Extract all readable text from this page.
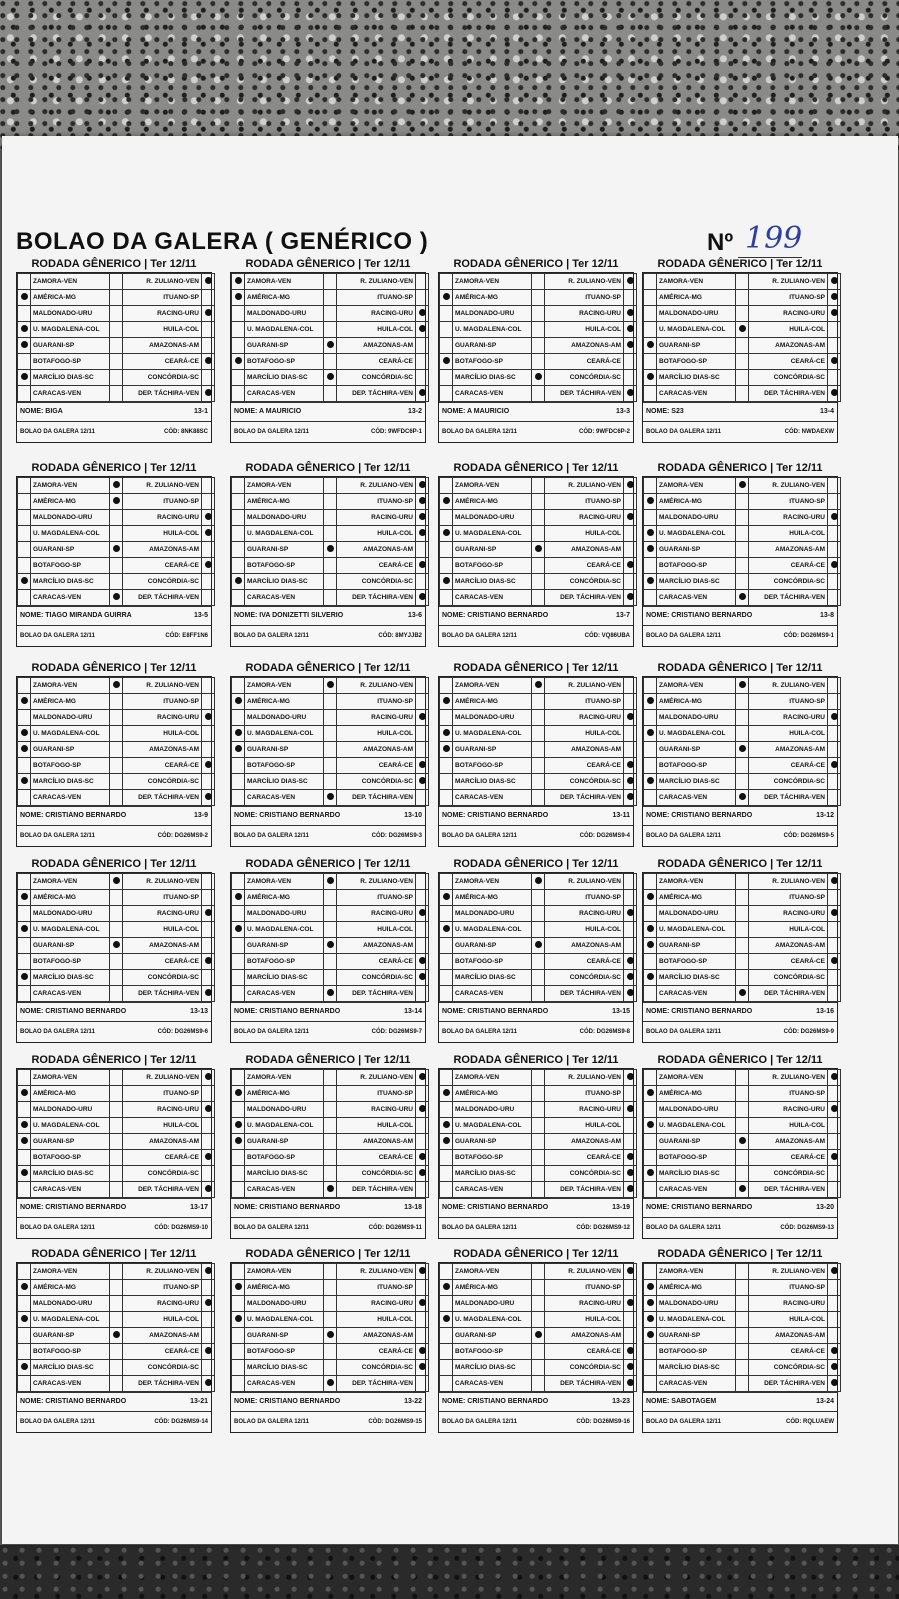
BOLAO DA GALERA ( GENÉRICO )	Nº 199
RODADA GÊNERICO | Ter 12/11
	ZAMORA-VEN		R. ZULIANO-VEN	
	AMÉRICA-MG		ITUANO-SP	
	MALDONADO-URU		RACING-URU	
	U. MAGDALENA-COL		HUILA-COL	
	GUARANI-SP		AMAZONAS-AM	
	BOTAFOGO-SP		CEARÁ-CE	
	MARCÍLIO DIAS-SC		CONCÓRDIA-SC	
	CARACAS-VEN		DEP. TÁCHIRA-VEN	
NOME: BIGA	13-1
BOLAO DA GALERA 12/11	CÓD: 8NK88SC
RODADA GÊNERICO | Ter 12/11
	ZAMORA-VEN		R. ZULIANO-VEN	
	AMÉRICA-MG		ITUANO-SP	
	MALDONADO-URU		RACING-URU	
	U. MAGDALENA-COL		HUILA-COL	
	GUARANI-SP		AMAZONAS-AM	
	BOTAFOGO-SP		CEARÁ-CE	
	MARCÍLIO DIAS-SC		CONCÓRDIA-SC	
	CARACAS-VEN		DEP. TÁCHIRA-VEN	
NOME: A MAURICIO	13-2
BOLAO DA GALERA 12/11	CÓD: 9WFDC6P-1
RODADA GÊNERICO | Ter 12/11
	ZAMORA-VEN		R. ZULIANO-VEN	
	AMÉRICA-MG		ITUANO-SP	
	MALDONADO-URU		RACING-URU	
	U. MAGDALENA-COL		HUILA-COL	
	GUARANI-SP		AMAZONAS-AM	
	BOTAFOGO-SP		CEARÁ-CE	
	MARCÍLIO DIAS-SC		CONCÓRDIA-SC	
	CARACAS-VEN		DEP. TÁCHIRA-VEN	
NOME: A MAURICIO	13-3
BOLAO DA GALERA 12/11	CÓD: 9WFDC6P-2
RODADA GÊNERICO | Ter 12/11
	ZAMORA-VEN		R. ZULIANO-VEN	
	AMÉRICA-MG		ITUANO-SP	
	MALDONADO-URU		RACING-URU	
	U. MAGDALENA-COL		HUILA-COL	
	GUARANI-SP		AMAZONAS-AM	
	BOTAFOGO-SP		CEARÁ-CE	
	MARCÍLIO DIAS-SC		CONCÓRDIA-SC	
	CARACAS-VEN		DEP. TÁCHIRA-VEN	
NOME: S23	13-4
BOLAO DA GALERA 12/11	CÓD: NWDAEXW
RODADA GÊNERICO | Ter 12/11
	ZAMORA-VEN		R. ZULIANO-VEN	
	AMÉRICA-MG		ITUANO-SP	
	MALDONADO-URU		RACING-URU	
	U. MAGDALENA-COL		HUILA-COL	
	GUARANI-SP		AMAZONAS-AM	
	BOTAFOGO-SP		CEARÁ-CE	
	MARCÍLIO DIAS-SC		CONCÓRDIA-SC	
	CARACAS-VEN		DEP. TÁCHIRA-VEN	
NOME: TIAGO MIRANDA GUIRRA	13-5
BOLAO DA GALERA 12/11	CÓD: E8FF1N6
RODADA GÊNERICO | Ter 12/11
	ZAMORA-VEN		R. ZULIANO-VEN	
	AMÉRICA-MG		ITUANO-SP	
	MALDONADO-URU		RACING-URU	
	U. MAGDALENA-COL		HUILA-COL	
	GUARANI-SP		AMAZONAS-AM	
	BOTAFOGO-SP		CEARÁ-CE	
	MARCÍLIO DIAS-SC		CONCÓRDIA-SC	
	CARACAS-VEN		DEP. TÁCHIRA-VEN	
NOME: IVA DONIZETTI SILVERIO	13-6
BOLAO DA GALERA 12/11	CÓD: 8MYJJB2
RODADA GÊNERICO | Ter 12/11
	ZAMORA-VEN		R. ZULIANO-VEN	
	AMÉRICA-MG		ITUANO-SP	
	MALDONADO-URU		RACING-URU	
	U. MAGDALENA-COL		HUILA-COL	
	GUARANI-SP		AMAZONAS-AM	
	BOTAFOGO-SP		CEARÁ-CE	
	MARCÍLIO DIAS-SC		CONCÓRDIA-SC	
	CARACAS-VEN		DEP. TÁCHIRA-VEN	
NOME: CRISTIANO BERNARDO	13-7
BOLAO DA GALERA 12/11	CÓD: VQ86UBA
RODADA GÊNERICO | Ter 12/11
	ZAMORA-VEN		R. ZULIANO-VEN	
	AMÉRICA-MG		ITUANO-SP	
	MALDONADO-URU		RACING-URU	
	U. MAGDALENA-COL		HUILA-COL	
	GUARANI-SP		AMAZONAS-AM	
	BOTAFOGO-SP		CEARÁ-CE	
	MARCÍLIO DIAS-SC		CONCÓRDIA-SC	
	CARACAS-VEN		DEP. TÁCHIRA-VEN	
NOME: CRISTIANO BERNARDO	13-8
BOLAO DA GALERA 12/11	CÓD: DG26MS9-1
RODADA GÊNERICO | Ter 12/11
	ZAMORA-VEN		R. ZULIANO-VEN	
	AMÉRICA-MG		ITUANO-SP	
	MALDONADO-URU		RACING-URU	
	U. MAGDALENA-COL		HUILA-COL	
	GUARANI-SP		AMAZONAS-AM	
	BOTAFOGO-SP		CEARÁ-CE	
	MARCÍLIO DIAS-SC		CONCÓRDIA-SC	
	CARACAS-VEN		DEP. TÁCHIRA-VEN	
NOME: CRISTIANO BERNARDO	13-9
BOLAO DA GALERA 12/11	CÓD: DG26MS9-2
RODADA GÊNERICO | Ter 12/11
	ZAMORA-VEN		R. ZULIANO-VEN	
	AMÉRICA-MG		ITUANO-SP	
	MALDONADO-URU		RACING-URU	
	U. MAGDALENA-COL		HUILA-COL	
	GUARANI-SP		AMAZONAS-AM	
	BOTAFOGO-SP		CEARÁ-CE	
	MARCÍLIO DIAS-SC		CONCÓRDIA-SC	
	CARACAS-VEN		DEP. TÁCHIRA-VEN	
NOME: CRISTIANO BERNARDO	13-10
BOLAO DA GALERA 12/11	CÓD: DG26MS9-3
RODADA GÊNERICO | Ter 12/11
	ZAMORA-VEN		R. ZULIANO-VEN	
	AMÉRICA-MG		ITUANO-SP	
	MALDONADO-URU		RACING-URU	
	U. MAGDALENA-COL		HUILA-COL	
	GUARANI-SP		AMAZONAS-AM	
	BOTAFOGO-SP		CEARÁ-CE	
	MARCÍLIO DIAS-SC		CONCÓRDIA-SC	
	CARACAS-VEN		DEP. TÁCHIRA-VEN	
NOME: CRISTIANO BERNARDO	13-11
BOLAO DA GALERA 12/11	CÓD: DG26MS9-4
RODADA GÊNERICO | Ter 12/11
	ZAMORA-VEN		R. ZULIANO-VEN	
	AMÉRICA-MG		ITUANO-SP	
	MALDONADO-URU		RACING-URU	
	U. MAGDALENA-COL		HUILA-COL	
	GUARANI-SP		AMAZONAS-AM	
	BOTAFOGO-SP		CEARÁ-CE	
	MARCÍLIO DIAS-SC		CONCÓRDIA-SC	
	CARACAS-VEN		DEP. TÁCHIRA-VEN	
NOME: CRISTIANO BERNARDO	13-12
BOLAO DA GALERA 12/11	CÓD: DG26MS9-5
RODADA GÊNERICO | Ter 12/11
	ZAMORA-VEN		R. ZULIANO-VEN	
	AMÉRICA-MG		ITUANO-SP	
	MALDONADO-URU		RACING-URU	
	U. MAGDALENA-COL		HUILA-COL	
	GUARANI-SP		AMAZONAS-AM	
	BOTAFOGO-SP		CEARÁ-CE	
	MARCÍLIO DIAS-SC		CONCÓRDIA-SC	
	CARACAS-VEN		DEP. TÁCHIRA-VEN	
NOME: CRISTIANO BERNARDO	13-13
BOLAO DA GALERA 12/11	CÓD: DG26MS9-6
RODADA GÊNERICO | Ter 12/11
	ZAMORA-VEN		R. ZULIANO-VEN	
	AMÉRICA-MG		ITUANO-SP	
	MALDONADO-URU		RACING-URU	
	U. MAGDALENA-COL		HUILA-COL	
	GUARANI-SP		AMAZONAS-AM	
	BOTAFOGO-SP		CEARÁ-CE	
	MARCÍLIO DIAS-SC		CONCÓRDIA-SC	
	CARACAS-VEN		DEP. TÁCHIRA-VEN	
NOME: CRISTIANO BERNARDO	13-14
BOLAO DA GALERA 12/11	CÓD: DG26MS9-7
RODADA GÊNERICO | Ter 12/11
	ZAMORA-VEN		R. ZULIANO-VEN	
	AMÉRICA-MG		ITUANO-SP	
	MALDONADO-URU		RACING-URU	
	U. MAGDALENA-COL		HUILA-COL	
	GUARANI-SP		AMAZONAS-AM	
	BOTAFOGO-SP		CEARÁ-CE	
	MARCÍLIO DIAS-SC		CONCÓRDIA-SC	
	CARACAS-VEN		DEP. TÁCHIRA-VEN	
NOME: CRISTIANO BERNARDO	13-15
BOLAO DA GALERA 12/11	CÓD: DG26MS9-8
RODADA GÊNERICO | Ter 12/11
	ZAMORA-VEN		R. ZULIANO-VEN	
	AMÉRICA-MG		ITUANO-SP	
	MALDONADO-URU		RACING-URU	
	U. MAGDALENA-COL		HUILA-COL	
	GUARANI-SP		AMAZONAS-AM	
	BOTAFOGO-SP		CEARÁ-CE	
	MARCÍLIO DIAS-SC		CONCÓRDIA-SC	
	CARACAS-VEN		DEP. TÁCHIRA-VEN	
NOME: CRISTIANO BERNARDO	13-16
BOLAO DA GALERA 12/11	CÓD: DG26MS9-9
RODADA GÊNERICO | Ter 12/11
	ZAMORA-VEN		R. ZULIANO-VEN	
	AMÉRICA-MG		ITUANO-SP	
	MALDONADO-URU		RACING-URU	
	U. MAGDALENA-COL		HUILA-COL	
	GUARANI-SP		AMAZONAS-AM	
	BOTAFOGO-SP		CEARÁ-CE	
	MARCÍLIO DIAS-SC		CONCÓRDIA-SC	
	CARACAS-VEN		DEP. TÁCHIRA-VEN	
NOME: CRISTIANO BERNARDO	13-17
BOLAO DA GALERA 12/11	CÓD: DG26MS9-10
RODADA GÊNERICO | Ter 12/11
	ZAMORA-VEN		R. ZULIANO-VEN	
	AMÉRICA-MG		ITUANO-SP	
	MALDONADO-URU		RACING-URU	
	U. MAGDALENA-COL		HUILA-COL	
	GUARANI-SP		AMAZONAS-AM	
	BOTAFOGO-SP		CEARÁ-CE	
	MARCÍLIO DIAS-SC		CONCÓRDIA-SC	
	CARACAS-VEN		DEP. TÁCHIRA-VEN	
NOME: CRISTIANO BERNARDO	13-18
BOLAO DA GALERA 12/11	CÓD: DG26MS9-11
RODADA GÊNERICO | Ter 12/11
	ZAMORA-VEN		R. ZULIANO-VEN	
	AMÉRICA-MG		ITUANO-SP	
	MALDONADO-URU		RACING-URU	
	U. MAGDALENA-COL		HUILA-COL	
	GUARANI-SP		AMAZONAS-AM	
	BOTAFOGO-SP		CEARÁ-CE	
	MARCÍLIO DIAS-SC		CONCÓRDIA-SC	
	CARACAS-VEN		DEP. TÁCHIRA-VEN	
NOME: CRISTIANO BERNARDO	13-19
BOLAO DA GALERA 12/11	CÓD: DG26MS9-12
RODADA GÊNERICO | Ter 12/11
	ZAMORA-VEN		R. ZULIANO-VEN	
	AMÉRICA-MG		ITUANO-SP	
	MALDONADO-URU		RACING-URU	
	U. MAGDALENA-COL		HUILA-COL	
	GUARANI-SP		AMAZONAS-AM	
	BOTAFOGO-SP		CEARÁ-CE	
	MARCÍLIO DIAS-SC		CONCÓRDIA-SC	
	CARACAS-VEN		DEP. TÁCHIRA-VEN	
NOME: CRISTIANO BERNARDO	13-20
BOLAO DA GALERA 12/11	CÓD: DG26MS9-13
RODADA GÊNERICO | Ter 12/11
	ZAMORA-VEN		R. ZULIANO-VEN	
	AMÉRICA-MG		ITUANO-SP	
	MALDONADO-URU		RACING-URU	
	U. MAGDALENA-COL		HUILA-COL	
	GUARANI-SP		AMAZONAS-AM	
	BOTAFOGO-SP		CEARÁ-CE	
	MARCÍLIO DIAS-SC		CONCÓRDIA-SC	
	CARACAS-VEN		DEP. TÁCHIRA-VEN	
NOME: CRISTIANO BERNARDO	13-21
BOLAO DA GALERA 12/11	CÓD: DG26MS9-14
RODADA GÊNERICO | Ter 12/11
	ZAMORA-VEN		R. ZULIANO-VEN	
	AMÉRICA-MG		ITUANO-SP	
	MALDONADO-URU		RACING-URU	
	U. MAGDALENA-COL		HUILA-COL	
	GUARANI-SP		AMAZONAS-AM	
	BOTAFOGO-SP		CEARÁ-CE	
	MARCÍLIO DIAS-SC		CONCÓRDIA-SC	
	CARACAS-VEN		DEP. TÁCHIRA-VEN	
NOME: CRISTIANO BERNARDO	13-22
BOLAO DA GALERA 12/11	CÓD: DG26MS9-15
RODADA GÊNERICO | Ter 12/11
	ZAMORA-VEN		R. ZULIANO-VEN	
	AMÉRICA-MG		ITUANO-SP	
	MALDONADO-URU		RACING-URU	
	U. MAGDALENA-COL		HUILA-COL	
	GUARANI-SP		AMAZONAS-AM	
	BOTAFOGO-SP		CEARÁ-CE	
	MARCÍLIO DIAS-SC		CONCÓRDIA-SC	
	CARACAS-VEN		DEP. TÁCHIRA-VEN	
NOME: CRISTIANO BERNARDO	13-23
BOLAO DA GALERA 12/11	CÓD: DG26MS9-16
RODADA GÊNERICO | Ter 12/11
	ZAMORA-VEN		R. ZULIANO-VEN	
	AMÉRICA-MG		ITUANO-SP	
	MALDONADO-URU		RACING-URU	
	U. MAGDALENA-COL		HUILA-COL	
	GUARANI-SP		AMAZONAS-AM	
	BOTAFOGO-SP		CEARÁ-CE	
	MARCÍLIO DIAS-SC		CONCÓRDIA-SC	
	CARACAS-VEN		DEP. TÁCHIRA-VEN	
NOME: SABOTAGEM	13-24
BOLAO DA GALERA 12/11	CÓD: RQLUAEW
